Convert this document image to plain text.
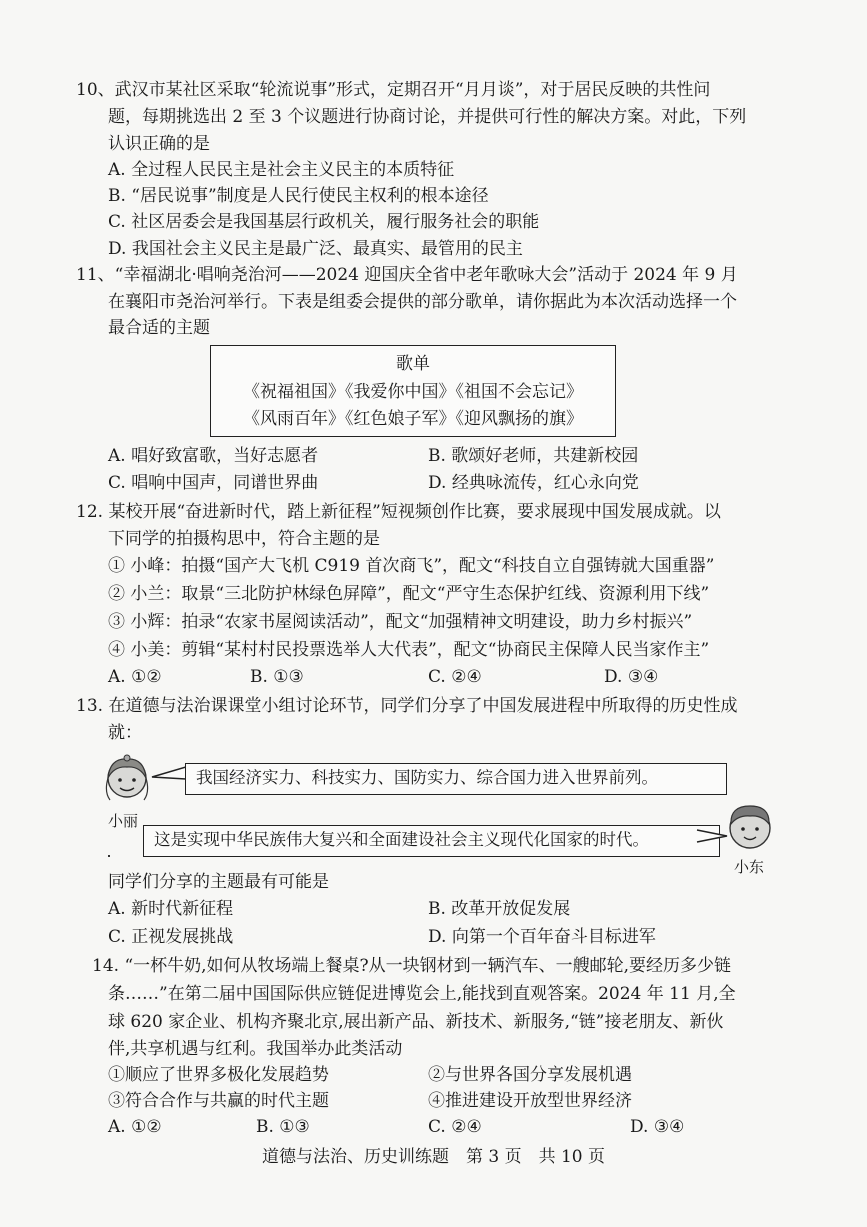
10、武汉市某社区采取“轮流说事”形式，定期召开“月月谈”，对于居民反映的共性问
题，每期挑选出 2 至 3 个议题进行协商讨论，并提供可行性的解决方案。对此，下列
认识正确的是
A. 全过程人民民主是社会主义民主的本质特征
B. “居民说事”制度是人民行使民主权利的根本途径
C. 社区居委会是我国基层行政机关，履行服务社会的职能
D. 我国社会主义民主是最广泛、最真实、最管用的民主
11、“幸福湖北·唱响尧治河——2024 迎国庆全省中老年歌咏大会”活动于 2024 年 9 月
在襄阳市尧治河举行。下表是组委会提供的部分歌单，请你据此为本次活动选择一个
最合适的主题
歌单
《祝福祖国》《我爱你中国》《祖国不会忘记》
《风雨百年》《红色娘子军》《迎风飘扬的旗》
A. 唱好致富歌，当好志愿者	B. 歌颂好老师，共建新校园
C. 唱响中国声，同谱世界曲	D. 经典咏流传，红心永向党
12. 某校开展“奋进新时代，踏上新征程”短视频创作比赛，要求展现中国发展成就。以
下同学的拍摄构思中，符合主题的是
① 小峰：拍摄“国产大飞机 C919 首次商飞”，配文“科技自立自强铸就大国重器”
② 小兰：取景“三北防护林绿色屏障”，配文“严守生态保护红线、资源利用下线”
③ 小辉：拍录“农家书屋阅读活动”，配文“加强精神文明建设，助力乡村振兴”
④ 小美：剪辑“某村村民投票选举人大代表”，配文“协商民主保障人民当家作主”
A. ①②	B. ①③	C. ②④	D. ③④
13. 在道德与法治课课堂小组讨论环节，同学们分享了中国发展进程中所取得的历史性成
就：
小丽
我国经济实力、科技实力、国防实力、综合国力进入世界前列。
这是实现中华民族伟大复兴和全面建设社会主义现代化国家的时代。
小东
同学们分享的主题最有可能是
A. 新时代新征程	B. 改革开放促发展
C. 正视发展挑战	D. 向第一个百年奋斗目标进军
14. “一杯牛奶,如何从牧场端上餐桌?从一块钢材到一辆汽车、一艘邮轮,要经历多少链
条……”在第二届中国国际供应链促进博览会上,能找到直观答案。2024 年 11 月,全
球 620 家企业、机构齐聚北京,展出新产品、新技术、新服务,“链”接老朋友、新伙
伴,共享机遇与红利。我国举办此类活动
①顺应了世界多极化发展趋势	②与世界各国分享发展机遇
③符合合作与共赢的时代主题	④推进建设开放型世界经济
A. ①②	B. ①③	C. ②④	D. ③④
道德与法治、历史训练题　第 3 页　共 10 页
